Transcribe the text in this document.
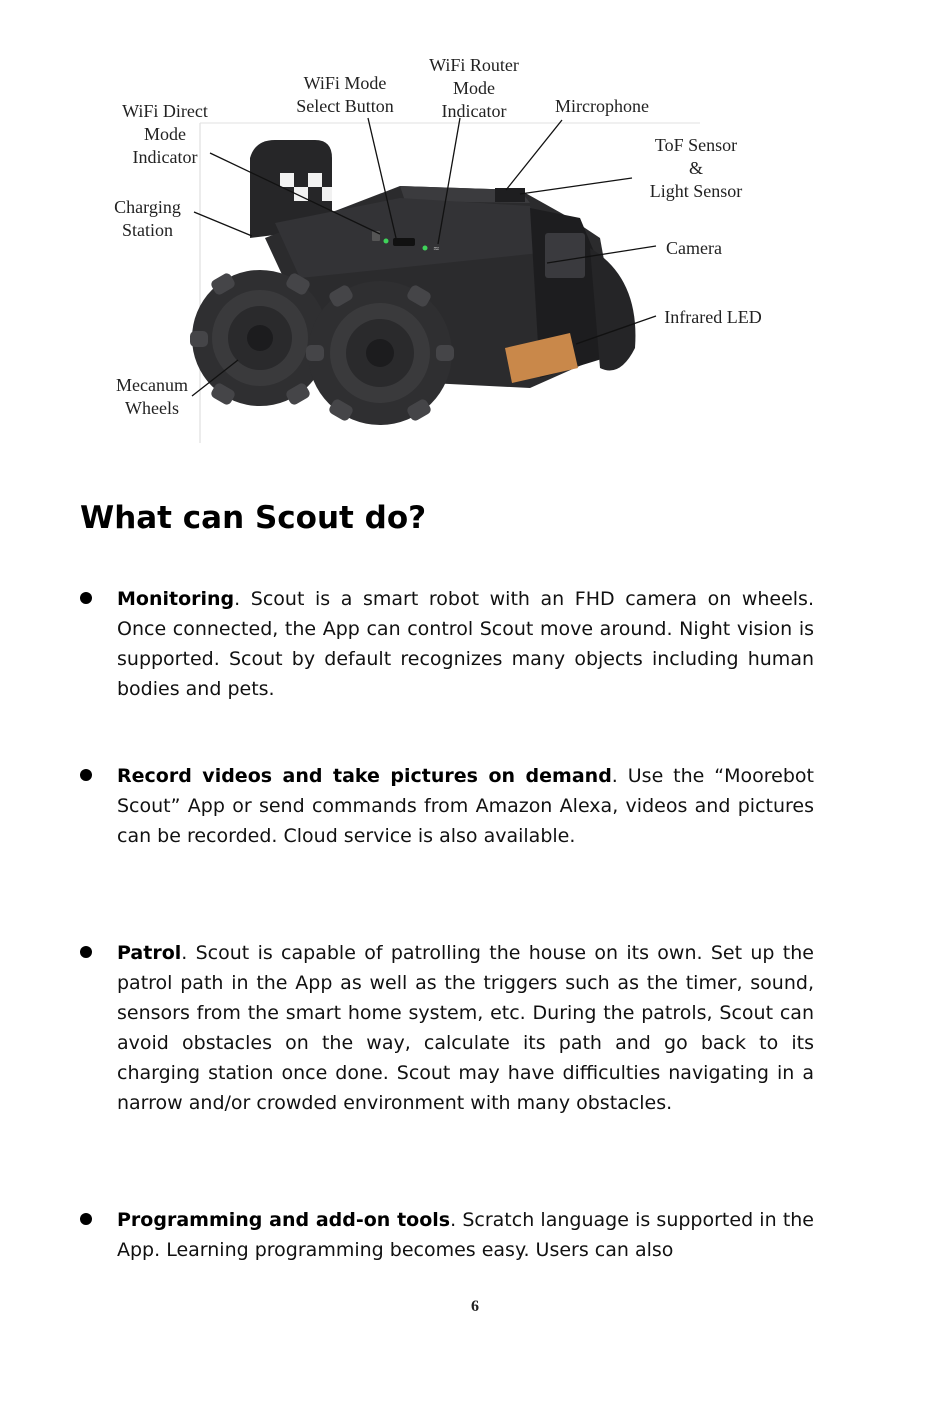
≈
WiFi Direct
Mode
Indicator
Charging
Station
WiFi Mode
Select Button
WiFi Router
Mode
Indicator	Mircrophone
ToF Sensor
&
Light Sensor
Camera
Infrared LED
Mecanum
Wheels
What can Scout do?

Monitoring. Scout is a smart robot with an FHD camera on wheels. Once connected, the App can control Scout move around. Night vision is supported. Scout by default recognizes many objects including human bodies and pets.

Record videos and take pictures on demand. Use the “Moorebot Scout” App or send commands from Amazon Alexa, videos and pictures can be recorded. Cloud service is also available.

Patrol. Scout is capable of patrolling the house on its own. Set up the patrol path in the App as well as the triggers such as the timer, sound, sensors from the smart home system, etc. During the patrols, Scout can avoid obstacles on the way, calculate its path and go back to its charging station once done. Scout may have difficulties navigating in a narrow and/or crowded environment with many obstacles.

Programming and add-on tools. Scratch language is supported in the App. Learning programming becomes easy. Users can also

6
